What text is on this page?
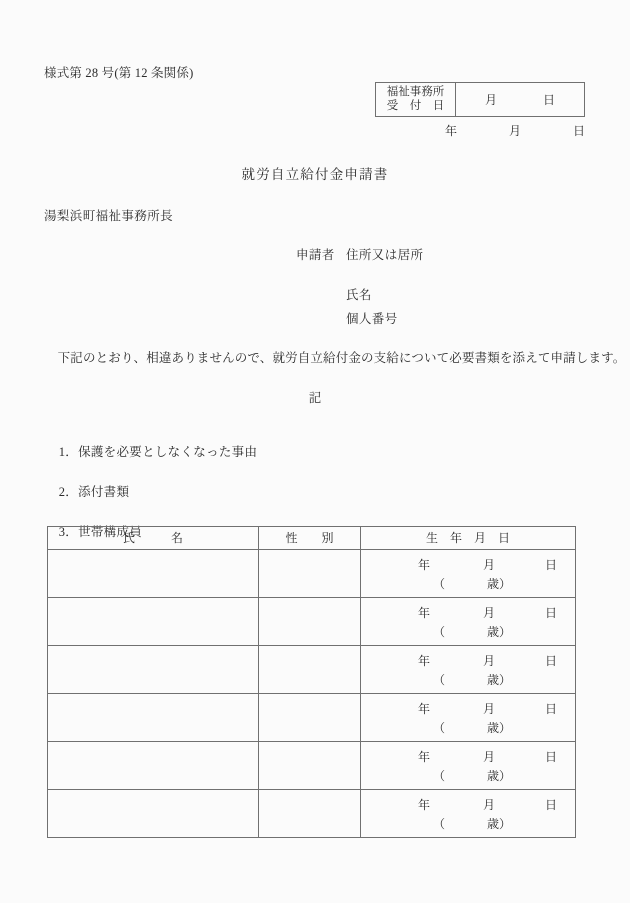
様式第 28 号(第 12 条関係)
福祉事務所
受　付　日	月	日
年	月	日
就労自立給付金申請書
湯梨浜町福祉事務所長
申請者 住所又は居所
氏名
個人番号
　下記のとおり、相違ありませんので、就労自立給付金の支給について必要書類を添えて申請します。
記

1．保護を必要としなくなった事由

2．添付書類

3．世帯構成員

氏　　　名	性　　別	生　年　月　日

		年 月 日
（ 歳）

		年 月 日
（ 歳）

		年 月 日
（ 歳）

		年 月 日
（ 歳）

		年 月 日
（ 歳）

		年 月 日
（ 歳）
